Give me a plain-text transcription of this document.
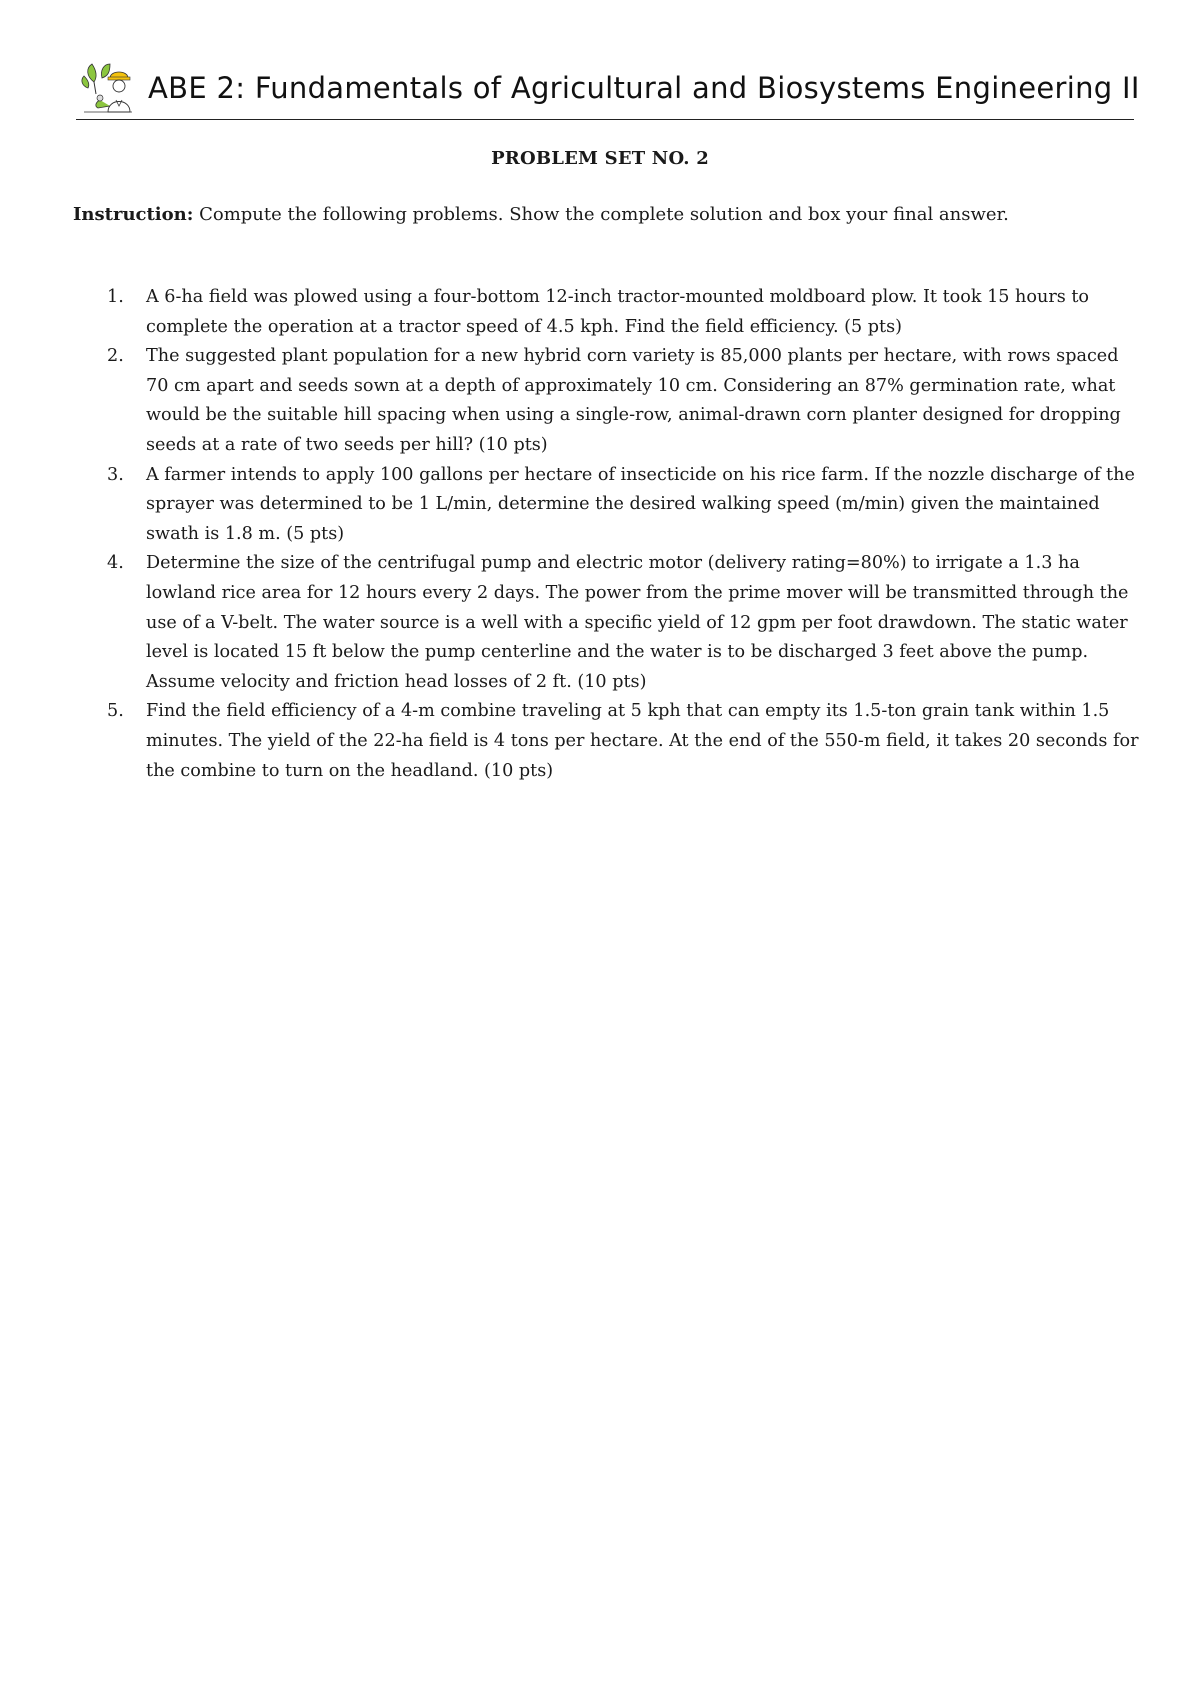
ABE 2: Fundamentals of Agricultural and Biosystems Engineering II
PROBLEM SET NO. 2
Instruction: Compute the following problems. Show the complete solution and box your final answer.
1. A 6-ha field was plowed using a four-bottom 12-inch tractor-mounted moldboard plow. It took 15 hours to complete the operation at a tractor speed of 4.5 kph. Find the field efficiency. (5 pts)
2. The suggested plant population for a new hybrid corn variety is 85,000 plants per hectare, with rows spaced 70 cm apart and seeds sown at a depth of approximately 10 cm. Considering an 87% germination rate, what would be the suitable hill spacing when using a single-row, animal-drawn corn planter designed for dropping seeds at a rate of two seeds per hill? (10 pts)
3. A farmer intends to apply 100 gallons per hectare of insecticide on his rice farm. If the nozzle discharge of the sprayer was determined to be 1 L/min, determine the desired walking speed (m/min) given the maintained swath is 1.8 m. (5 pts)
4. Determine the size of the centrifugal pump and electric motor (delivery rating=80%) to irrigate a 1.3 ha lowland rice area for 12 hours every 2 days. The power from the prime mover will be transmitted through the use of a V-belt. The water source is a well with a specific yield of 12 gpm per foot drawdown. The static water level is located 15 ft below the pump centerline and the water is to be discharged 3 feet above the pump. Assume velocity and friction head losses of 2 ft. (10 pts)
5. Find the field efficiency of a 4-m combine traveling at 5 kph that can empty its 1.5-ton grain tank within 1.5 minutes. The yield of the 22-ha field is 4 tons per hectare. At the end of the 550-m field, it takes 20 seconds for the combine to turn on the headland. (10 pts)
